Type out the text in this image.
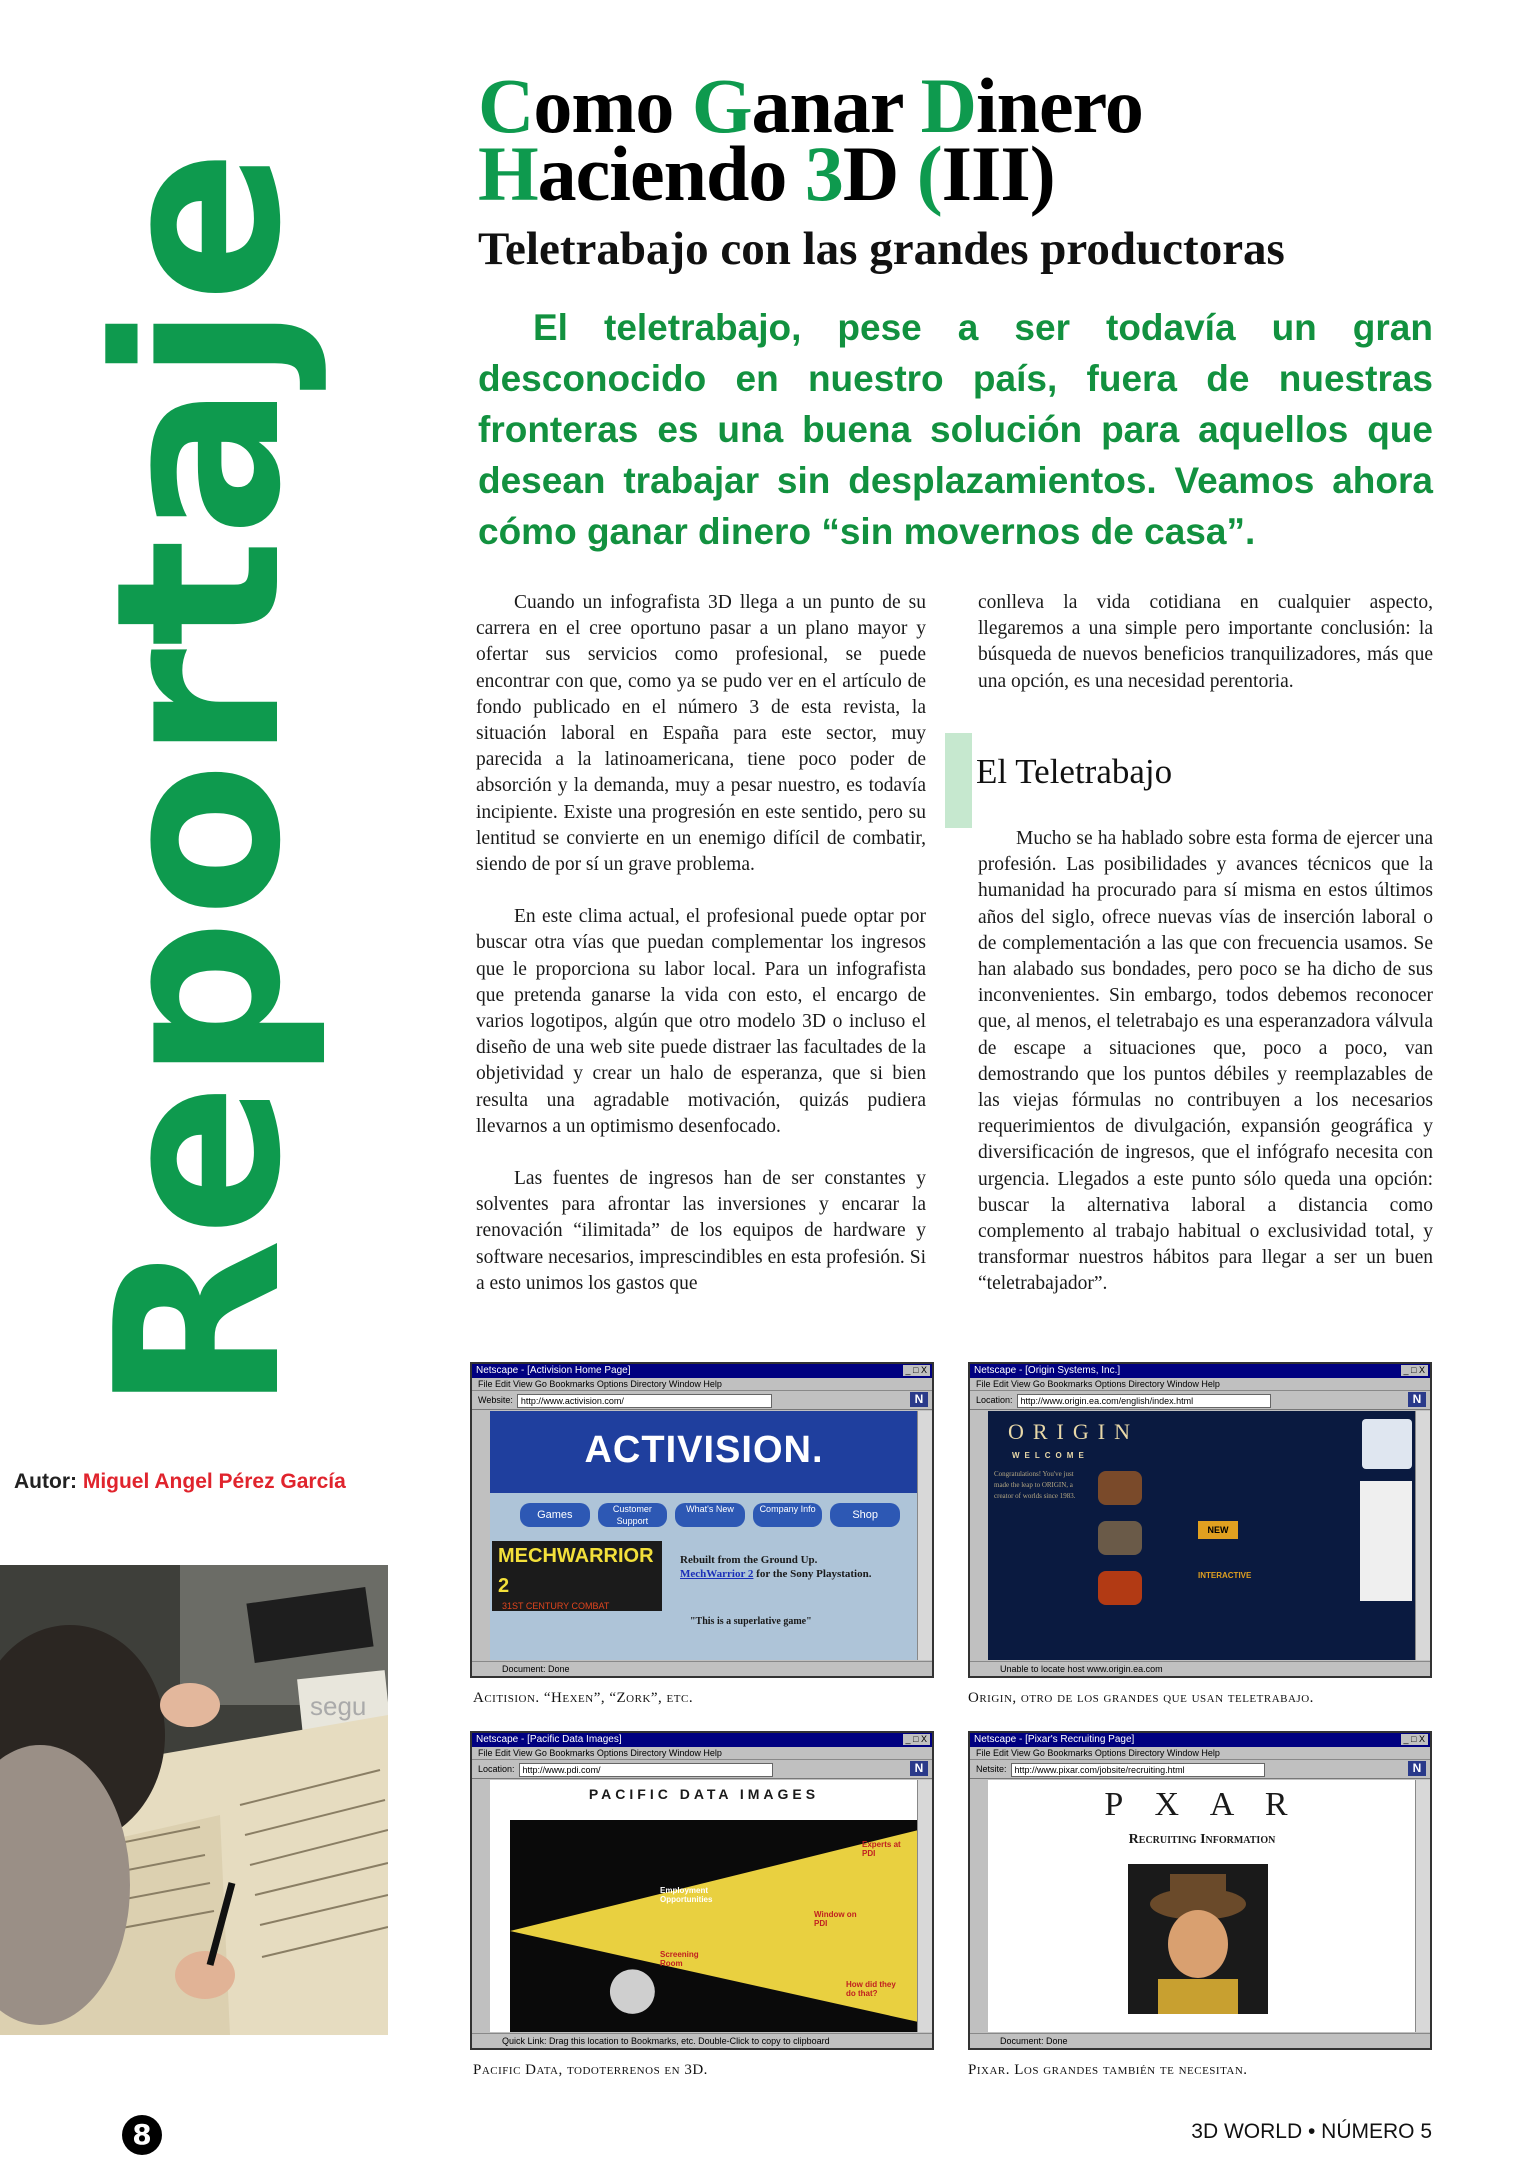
Reportaje
Como Ganar Dinero
Haciendo 3D (III)
Teletrabajo con las grandes productoras

El teletrabajo, pese a ser todavía un gran desconocido en nuestro país, fuera de nuestras fronteras es una buena solución para aquellos que desean trabajar sin desplazamientos. Veamos ahora cómo ganar dinero “sin movernos de casa”.

Cuando un infografista 3D llega a un punto de su carrera en el cree oportuno pasar a un plano mayor y ofertar sus servicios como profesional, se puede encontrar con que, como ya se pudo ver en el artículo de fondo publicado en el número 3 de esta revista, la situación laboral en España para este sector, muy parecida a la latinoamericana, tiene poco poder de absorción y la demanda, muy a pesar nuestro, es todavía incipiente. Existe una progresión en este sentido, pero su lentitud se convierte en un enemigo difícil de combatir, siendo de por sí un grave problema.

En este clima actual, el profesional puede optar por buscar otra vías que puedan complementar los ingresos que le proporciona su labor local. Para un infografista que pretenda ganarse la vida con esto, el encargo de varios logotipos, algún que otro modelo 3D o incluso el diseño de una web site puede distraer las facultades de la objetividad y crear un halo de esperanza, que si bien resulta una agradable motivación, quizás pudiera llevarnos a un optimismo desenfocado.

Las fuentes de ingresos han de ser constantes y solventes para afrontar las inversiones y encarar la renovación “ilimitada” de los equipos de hardware y software necesarios, imprescindibles en esta profesión. Si a esto unimos los gastos que

conlleva la vida cotidiana en cualquier aspecto, llegaremos a una simple pero importante conclusión: la búsqueda de nuevos beneficios tranquilizadores, más que una opción, es una necesidad perentoria.

El Teletrabajo

Mucho se ha hablado sobre esta forma de ejercer una profesión. Las posibilidades y avances técnicos que la humanidad ha procurado para sí misma en estos últimos años del siglo, ofrece nuevas vías de inserción laboral o de complementación a las que con frecuencia usamos. Se han alabado sus bondades, pero poco se ha dicho de sus inconvenientes. Sin embargo, todos debemos reconocer que, al menos, el teletrabajo es una esperanzadora válvula de escape a situaciones que, poco a poco, van demostrando que los puntos débiles y reemplazables de las viejas fórmulas no contribuyen a los necesarios requerimientos de divulgación, expansión geográfica y diversificación de ingresos, que el infógrafo necesita con urgencia. Llegados a este punto sólo queda una opción: buscar la alternativa laboral a distancia como complemento al trabajo habitual o exclusividad total, y transformar nuestros hábitos para llegar a ser un buen “teletrabajador”.

Autor: Miguel Angel Pérez García
segu
Netscape - [Activision Home Page]	_ □ X
File Edit View Go Bookmarks Options Directory Window Help
Website: http://www.activision.com/	N
ACTIVISION.
Games	Customer Support
What's New	Company Info	Shop
MECHWARRIOR 2
31ST CENTURY COMBAT
Rebuilt from the Ground Up.
MechWarrior 2 for the Sony Playstation.
"This is a superlative game"
Document: Done
Acitision. “Hexen”, “Zork”, etc.
Netscape - [Origin Systems, Inc.]	_ □ X
File Edit View Go Bookmarks Options Directory Window Help
Location: http://www.origin.ea.com/english/index.html	N
ORIGIN
WELCOME
Congratulations! You've just made the leap to ORIGIN, a creator of worlds since 1983.
NEW
INTERACTIVE
Unable to locate host www.origin.ea.com
Origin, otro de los grandes que usan teletrabajo.
Netscape - [Pacific Data Images]	_ □ X
File Edit View Go Bookmarks Options Directory Window Help
Location: http://www.pdi.com/	N
PACIFIC DATA IMAGES
Employment Opportunities
Experts at PDI
Window on PDI
Screening Room
How did they do that?
Quick Link: Drag this location to Bookmarks, etc. Double-Click to copy to clipboard
Pacific Data, todoterrenos en 3D.
Netscape - [Pixar's Recruiting Page]	_ □ X
File Edit View Go Bookmarks Options Directory Window Help
Netsite: http://www.pixar.com/jobsite/recruiting.html	N
P X A R
Recruiting Information
Document: Done
Pixar. Los grandes también te necesitan.
8	3D WORLD • NÚMERO 5
